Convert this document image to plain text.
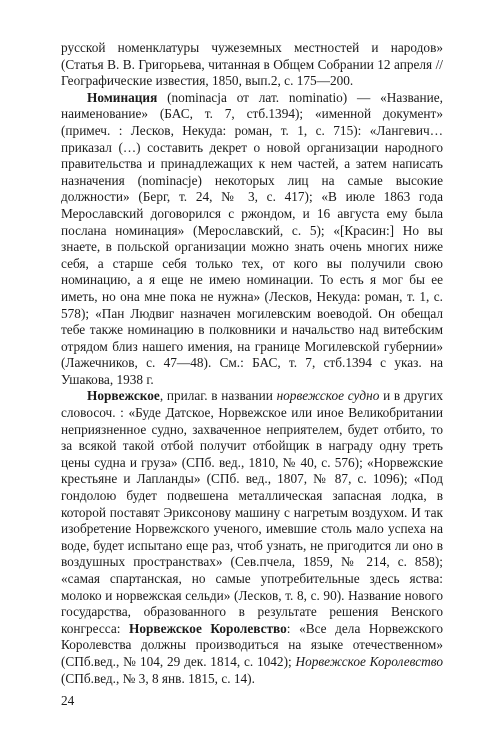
русской номенклатуры чужеземных местностей и народов» (Статья В. В. Григорьева, читанная в Общем Собрании 12 апреля // Географические известия, 1850, вып.2, с. 175—200.

Номинация (nominacja от лат. nominatio) — «Название, наименование» (БАС, т. 7, стб.1394); «именной документ» (примеч. : Лесков, Некуда: роман, т. 1, с. 715): «Лангевич… приказал (…) составить декрет о новой организации народного правительства и принадлежащих к нем частей, а затем написать назначения (nominacje) некоторых лиц на самые высокие должности» (Берг, т. 24, № 3, с. 417); «В июле 1863 года Мерославский договорился с ржондом, и 16 августа ему была послана номинация» (Мерославский, с. 5); «[Красин:] Но вы знаете, в польской организации можно знать очень многих ниже себя, а старше себя только тех, от кого вы получили свою номинацию, а я еще не имею номинации. То есть я мог бы ее иметь, но она мне пока не нужна» (Лесков, Некуда: роман, т. 1, с. 578); «Пан Людвиг назначен могилевским воеводой. Он обещал тебе также номинацию в полковники и начальство над витебским отрядом близ нашего имения, на границе Могилевской губернии» (Лажечников, с. 47—48). См.: БАС, т. 7, стб.1394 с указ. на Ушакова, 1938 г.

Норвежское, прилаг. в названии норвежское судно и в других словосоч. : «Буде Датское, Норвежское или иное Великобритании неприязненное судно, захваченное неприятелем, будет отбито, то за всякой такой отбой получит отбойщик в награду одну треть цены судна и груза» (СПб. вед., 1810, № 40, с. 576); «Норвежские крестьяне и Лапланды» (СПб. вед., 1807, № 87, с. 1096); «Под гондолою будет подвешена металлическая запасная лодка, в которой поставят Эриксонову машину с нагретым воздухом. И так изобретение Норвежского ученого, имевшие столь мало успеха на воде, будет испытано еще раз, чтоб узнать, не пригодится ли оно в воздушных пространствах» (Сев.пчела, 1859, № 214, с. 858); «самая спартанская, но самые употребительные здесь яства: молоко и норвежская сельди» (Лесков, т. 8, с. 90). Название нового государства, образованного в результате решения Венского конгресса: Норвежское Королевство: «Все дела Норвежского Королевства должны производиться на языке отечественном» (СПб.вед., № 104, 29 дек. 1814, с. 1042); Норвежское Королевство (СПб.вед., № 3, 8 янв. 1815, с. 14).

24
